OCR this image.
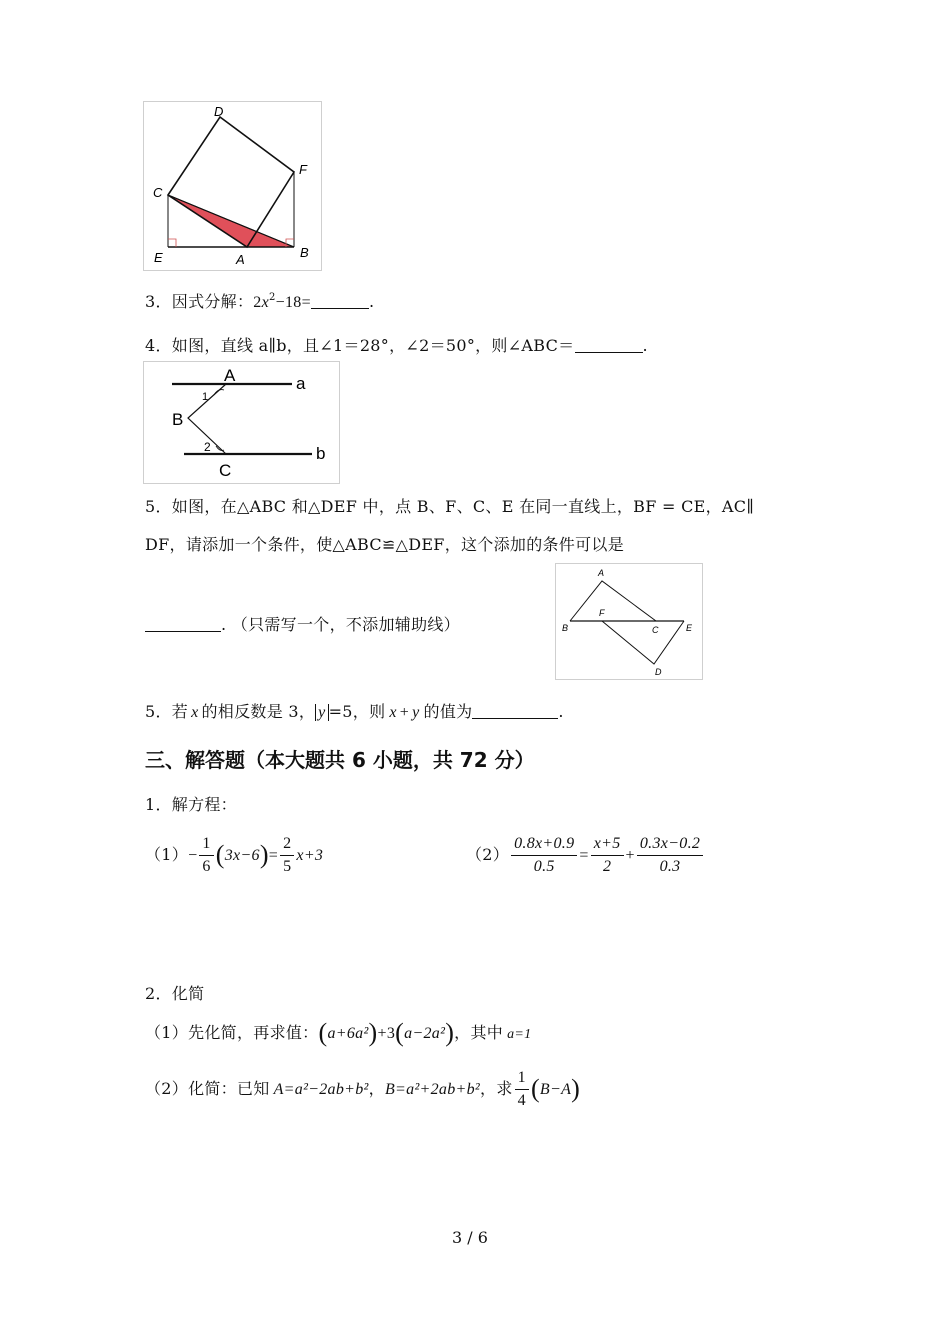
D
F
C
E	A	B
3．因式分解：$2x^2-18=$	.
4．如图，直线 a∥b，且∠1＝28°，∠2＝50°，则∠ABC＝	.
A	a
B
1
2	b
C
5．如图，在△ABC 和△DEF 中，点 B、F、C、E 在同一直线上，BF = CE，AC∥
DF，请添加一个条件，使△ABC≌△DEF，这个添加的条件可以是
. （只需写一个，不添加辅助线）
A
F
B	C	E
D
5．若 x 的相反数是 3， y =5，则 x + y 的值为	.
三、解答题（本大题共 6 小题，共 72 分）
1．解方程：
$(1)- \frac{1}{6} (3x-6)= \frac{2}{5} x+3$	$(2) \frac{0.8x+0.9}{0.5} = \frac{x+5}{2} + \frac{0.3x-0.2}{0.3}$
2．化简
（1）先化简，再求值：(a+6a²)+3(a−2a²)，其中 a=1
（2）化简：已知 A=a²−2ab+b²，B=a²+2ab+b²，求 $\frac{1}{4} (B-A)$
3 / 6
